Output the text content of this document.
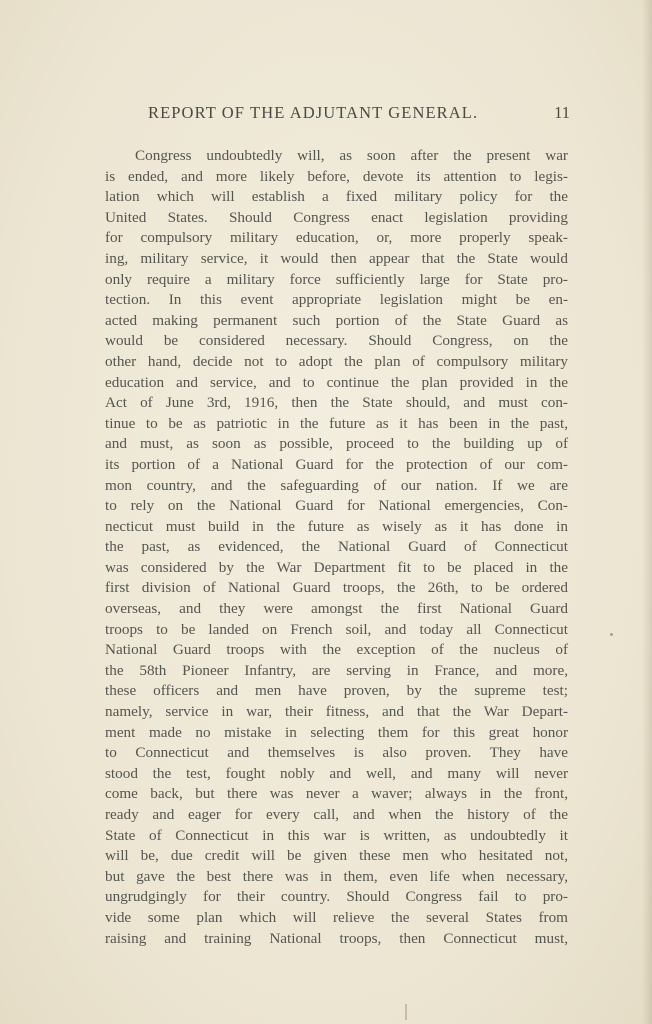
REPORT OF THE ADJUTANT GENERAL.	11
Congress undoubtedly will, as soon after the present war
is ended, and more likely before, devote its attention to legis-
lation which will establish a fixed military policy for the
United States. Should Congress enact legislation providing
for compulsory military education, or, more properly speak-
ing, military service, it would then appear that the State would
only require a military force sufficiently large for State pro-
tection. In this event appropriate legislation might be en-
acted making permanent such portion of the State Guard as
would be considered necessary. Should Congress, on the
other hand, decide not to adopt the plan of compulsory military
education and service, and to continue the plan provided in the
Act of June 3rd, 1916, then the State should, and must con-
tinue to be as patriotic in the future as it has been in the past,
and must, as soon as possible, proceed to the building up of
its portion of a National Guard for the protection of our com-
mon country, and the safeguarding of our nation. If we are
to rely on the National Guard for National emergencies, Con-
necticut must build in the future as wisely as it has done in
the past, as evidenced, the National Guard of Connecticut
was considered by the War Department fit to be placed in the
first division of National Guard troops, the 26th, to be ordered
overseas, and they were amongst the first National Guard
troops to be landed on French soil, and today all Connecticut
National Guard troops with the exception of the nucleus of
the 58th Pioneer Infantry, are serving in France, and more,
these officers and men have proven, by the supreme test;
namely, service in war, their fitness, and that the War Depart-
ment made no mistake in selecting them for this great honor
to Connecticut and themselves is also proven. They have
stood the test, fought nobly and well, and many will never
come back, but there was never a waver; always in the front,
ready and eager for every call, and when the history of the
State of Connecticut in this war is written, as undoubtedly it
will be, due credit will be given these men who hesitated not,
but gave the best there was in them, even life when necessary,
ungrudgingly for their country. Should Congress fail to pro-
vide some plan which will relieve the several States from
raising and training National troops, then Connecticut must,
